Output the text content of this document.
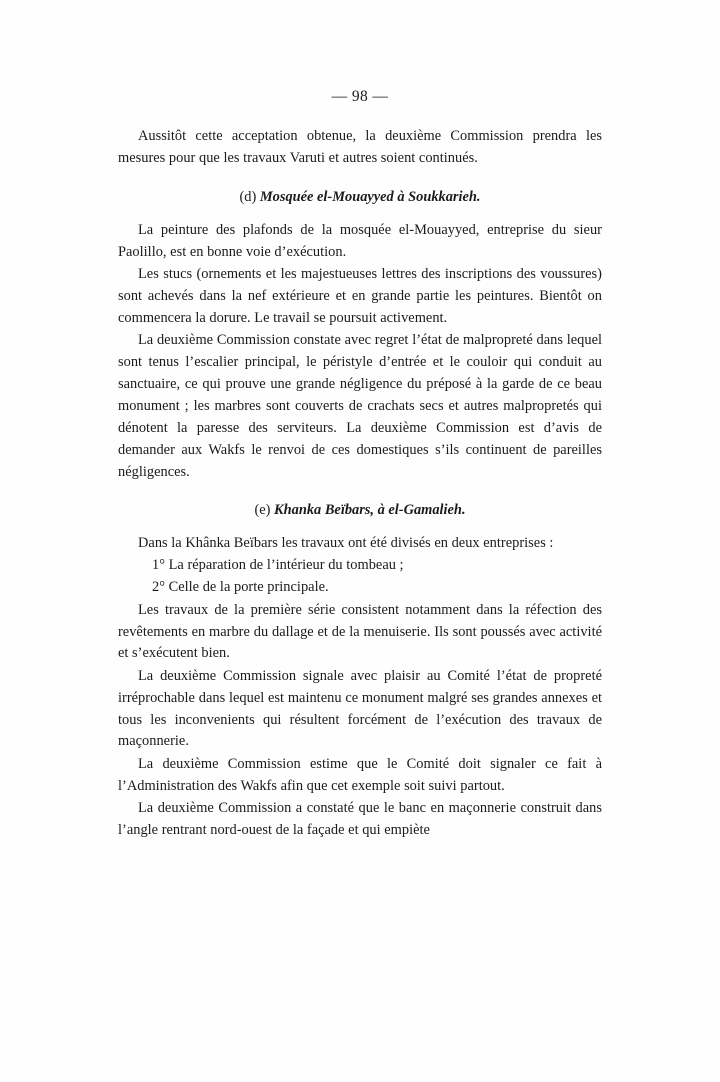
— 98 —

Aussitôt cette acceptation obtenue, la deuxième Commission prendra les mesures pour que les travaux Varuti et autres soient continués.

(d) Mosquée el-Mouayyed à Soukkarieh.

La peinture des plafonds de la mosquée el-Mouayyed, entreprise du sieur Paolillo, est en bonne voie d’exécution.

Les stucs (ornements et les majestueuses lettres des inscriptions des voussures) sont achevés dans la nef extérieure et en grande partie les peintures. Bientôt on commencera la dorure. Le travail se poursuit activement.

La deuxième Commission constate avec regret l’état de malpropreté dans lequel sont tenus l’escalier principal, le péristyle d’entrée et le couloir qui conduit au sanctuaire, ce qui prouve une grande négligence du préposé à la garde de ce beau monument ; les marbres sont couverts de crachats secs et autres malpropretés qui dénotent la paresse des serviteurs. La deuxième Commission est d’avis de demander aux Wakfs le renvoi de ces domestiques s’ils continuent de pareilles négligences.

(e) Khanka Beïbars, à el-Gamalieh.

Dans la Khânka Beïbars les travaux ont été divisés en deux entreprises :

1° La réparation de l’intérieur du tombeau ;

2° Celle de la porte principale.

Les travaux de la première série consistent notamment dans la réfection des revêtements en marbre du dallage et de la menuiserie. Ils sont poussés avec activité et s’exécutent bien.

La deuxième Commission signale avec plaisir au Comité l’état de propreté irréprochable dans lequel est maintenu ce monument malgré ses grandes annexes et tous les inconvenients qui résultent forcément de l’exécution des travaux de maçonnerie.

La deuxième Commission estime que le Comité doit signaler ce fait à l’Administration des Wakfs afin que cet exemple soit suivi partout.

La deuxième Commission a constaté que le banc en maçonnerie construit dans l’angle rentrant nord-ouest de la façade et qui empiète
